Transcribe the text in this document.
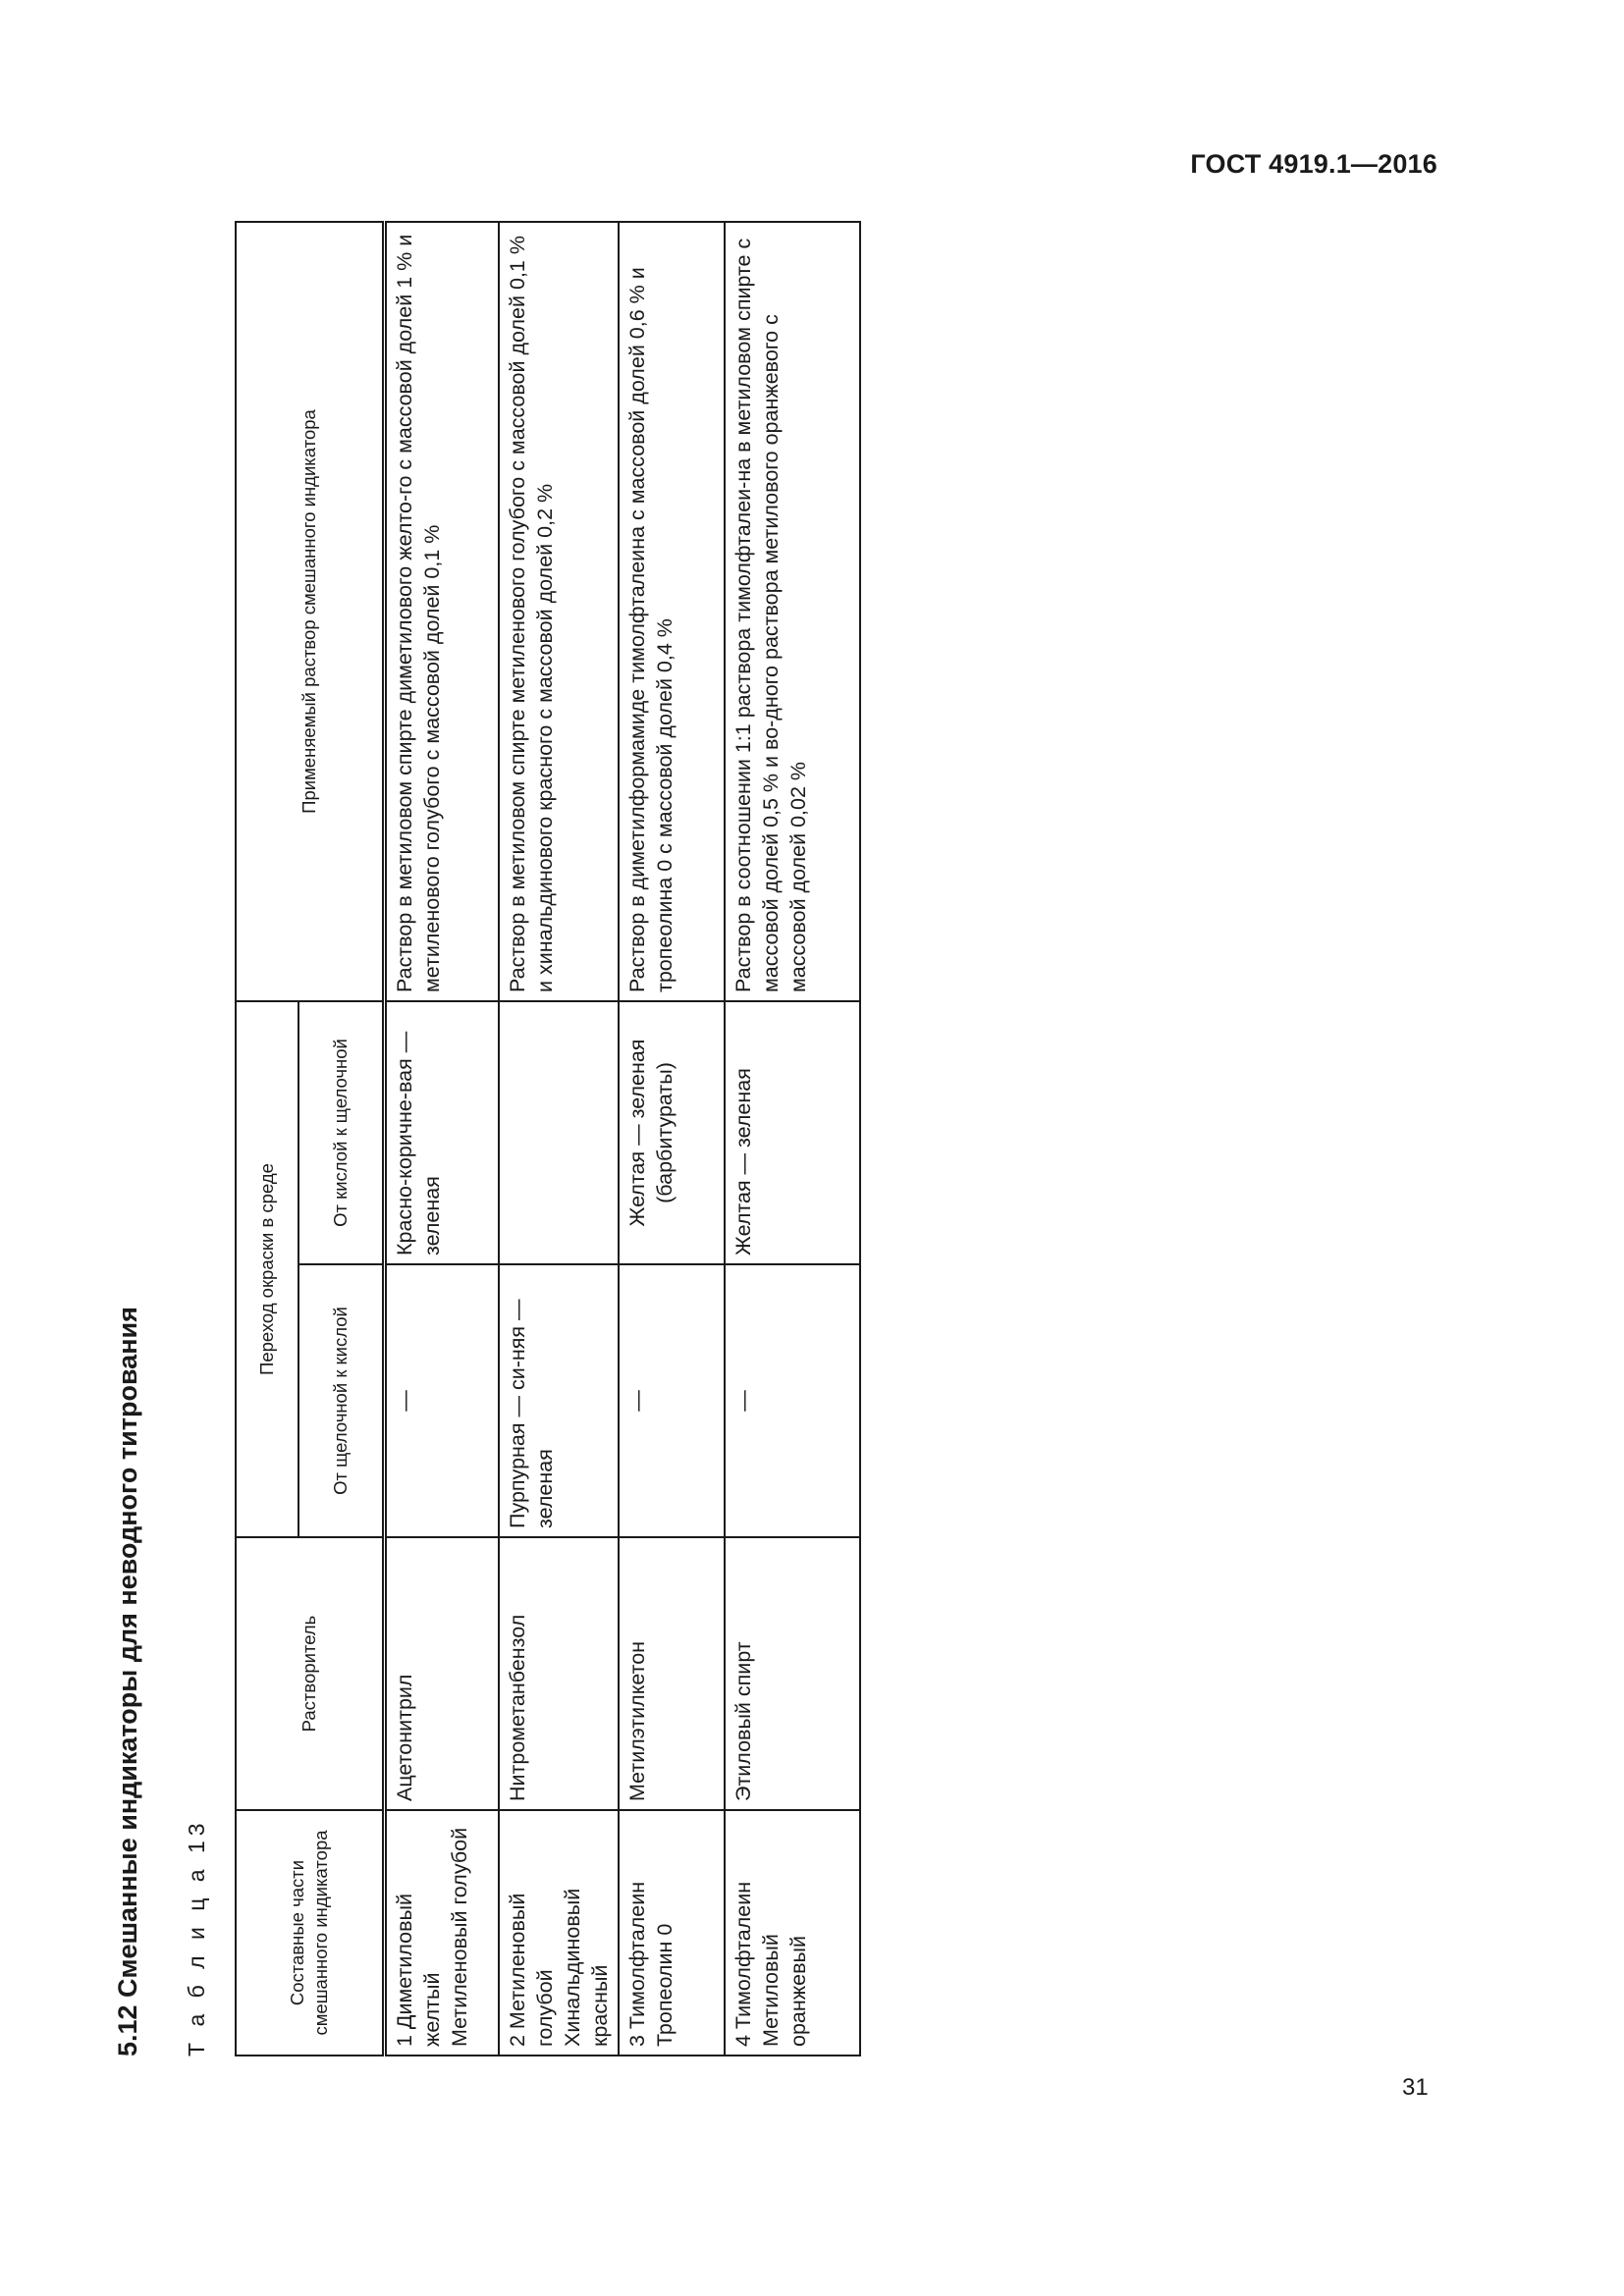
ГОСТ 4919.1—2016
5.12 Смешанные индикаторы для неводного титрования Т а б л и ц а 13	Составные части смешанного индикатора	Растворитель	Переход окраски в среде		Применяемый раствор смешанного индикатора
		От щелочной к кислой	От кислой к щелочной	

1 Диметиловый желтый Метиленовый голубой	Ацетонитрил	—	Красно-коричне-вая — зеленая	Раствор в метиловом спирте диметилового желто-го с массовой долей 1 % и метиленового голубого с массовой долей 0,1 %

2 Метиленовый голубой Хинальдиновый красный	Нитрометанбензол	Пурпурная — си-няя — зеленая		Раствор в метиловом спирте метиленового голубого с массовой долей 0,1 % и хинальдинового красного с массовой долей 0,2 %

3 Тимолфталеин Тропеолин 0	Метилэтилкетон	—	Желтая — зеленая (барбитураты)	Раствор в диметилформамиде тимолфталеина с массовой долей 0,6 % и тропеолина 0 с массовой долей 0,4 %

4 Тимолфталеин Метиловый оранжевый	Этиловый спирт	—	Желтая — зеленая	Раствор в соотношении 1:1 раствора тимолфталеи-на в метиловом спирте с массовой долей 0,5 % и во-дного раствора метилового оранжевого с массовой долей 0,02 %
31
